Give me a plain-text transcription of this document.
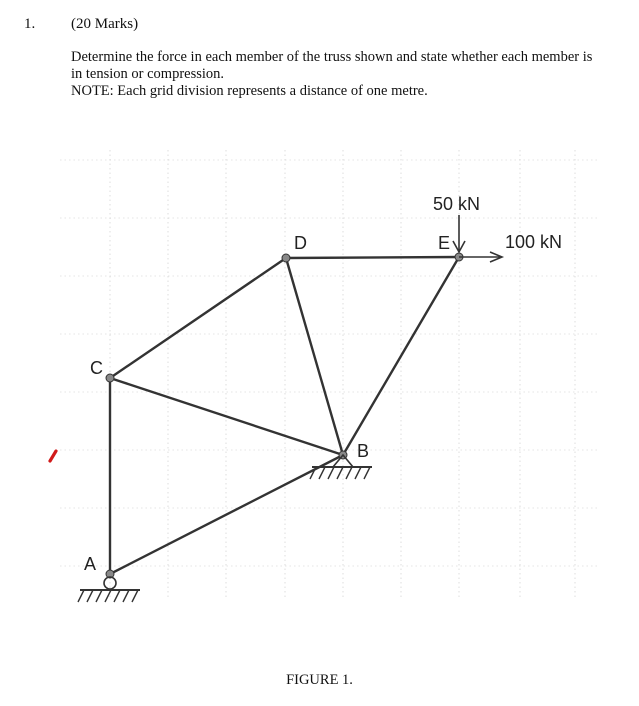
1. (20 Marks)

Determine the force in each member of the truss shown and state whether each member is

in tension or compression.

NOTE: Each grid division represents a distance of one metre.

A
B
C
D	E
50 kN
100 kN
FIGURE 1.
